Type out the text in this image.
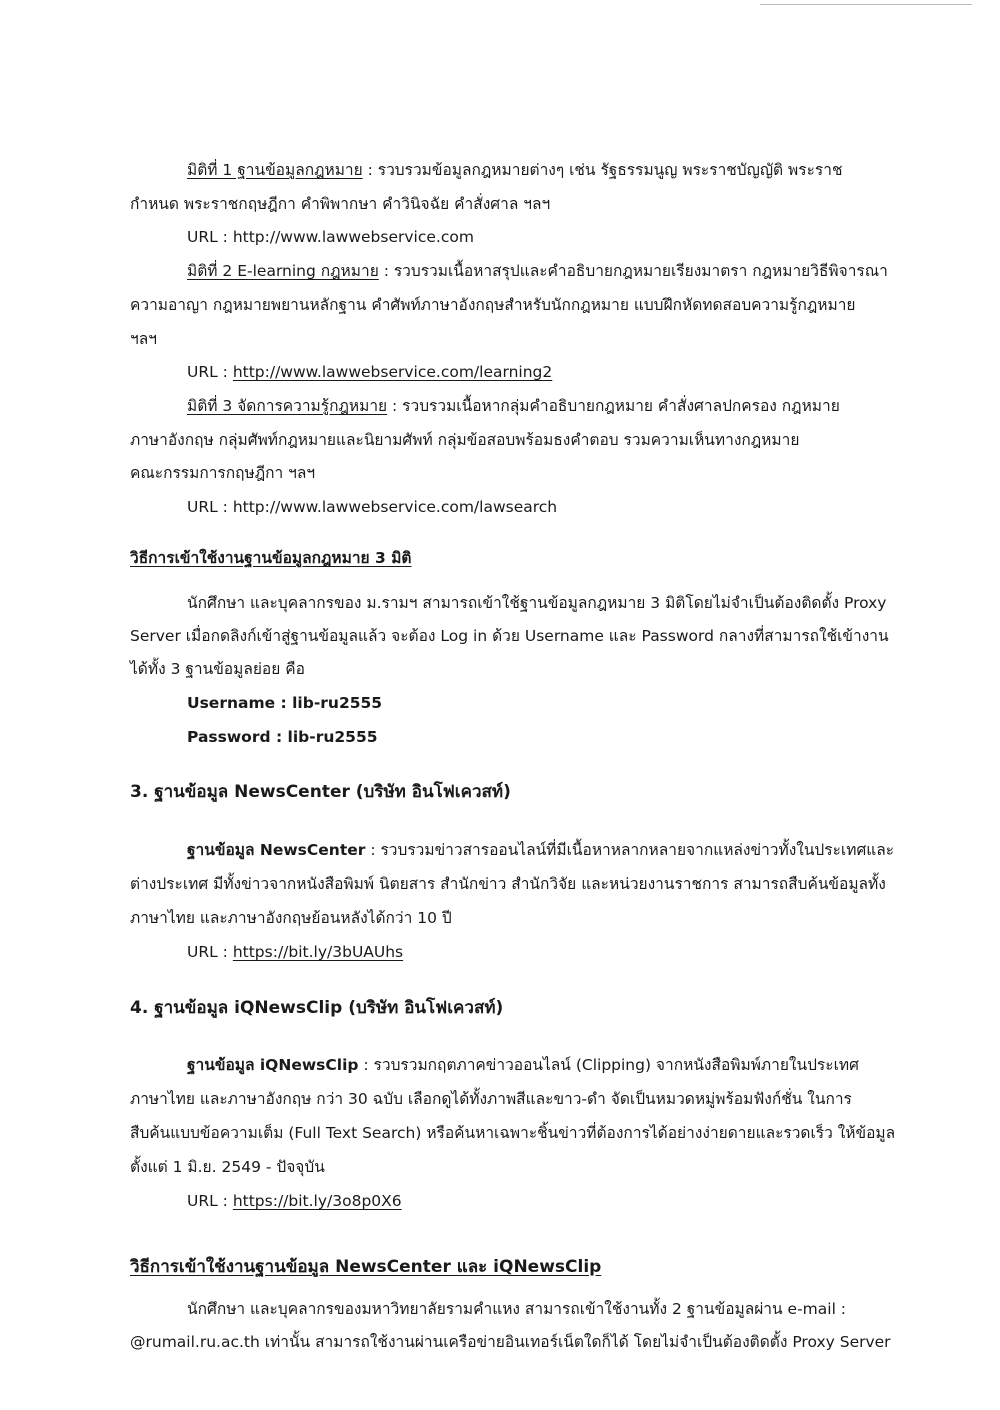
มิติที่ 1 ฐานข้อมูลกฎหมาย : รวบรวมข้อมูลกฎหมายต่างๆ เช่น รัฐธรรมนูญ พระราชบัญญัติ พระราช
กำหนด พระราชกฤษฎีกา คำพิพากษา คำวินิจฉัย คำสั่งศาล ฯลฯ
URL : http://www.lawwebservice.com
มิติที่ 2 E-learning กฎหมาย : รวบรวมเนื้อหาสรุปและคำอธิบายกฎหมายเรียงมาตรา กฎหมายวิธีพิจารณา
ความอาญา กฎหมายพยานหลักฐาน คำศัพท์ภาษาอังกฤษสำหรับนักกฎหมาย แบบฝึกหัดทดสอบความรู้กฎหมาย
ฯลฯ
URL : http://www.lawwebservice.com/learning2
มิติที่ 3 จัดการความรู้กฎหมาย : รวบรวมเนื้อหากลุ่มคำอธิบายกฎหมาย คำสั่งศาลปกครอง กฎหมาย
ภาษาอังกฤษ กลุ่มศัพท์กฎหมายและนิยามศัพท์ กลุ่มข้อสอบพร้อมธงคำตอบ รวมความเห็นทางกฎหมาย
คณะกรรมการกฤษฎีกา ฯลฯ
URL : http://www.lawwebservice.com/lawsearch
วิธีการเข้าใช้งานฐานข้อมูลกฎหมาย 3 มิติ
นักศึกษา และบุคลากรของ ม.รามฯ สามารถเข้าใช้ฐานข้อมูลกฎหมาย 3 มิติโดยไม่จำเป็นต้องติดตั้ง Proxy
Server เมื่อกดลิงก์เข้าสู่ฐานข้อมูลแล้ว จะต้อง Log in ด้วย Username และ Password กลางที่สามารถใช้เข้างาน
ได้ทั้ง 3 ฐานข้อมูลย่อย คือ
Username : lib-ru2555
Password : lib-ru2555
3. ฐานข้อมูล NewsCenter (บริษัท อินโฟเควสท์)
ฐานข้อมูล NewsCenter : รวบรวมข่าวสารออนไลน์ที่มีเนื้อหาหลากหลายจากแหล่งข่าวทั้งในประเทศและ
ต่างประเทศ มีทั้งข่าวจากหนังสือพิมพ์ นิตยสาร สำนักข่าว สำนักวิจัย และหน่วยงานราชการ สามารถสืบค้นข้อมูลทั้ง
ภาษาไทย และภาษาอังกฤษย้อนหลังได้กว่า 10 ปี
URL : https://bit.ly/3bUAUhs
4. ฐานข้อมูล iQNewsClip (บริษัท อินโฟเควสท์)
ฐานข้อมูล iQNewsClip : รวบรวมกฤตภาคข่าวออนไลน์ (Clipping) จากหนังสือพิมพ์ภายในประเทศ
ภาษาไทย และภาษาอังกฤษ กว่า 30 ฉบับ เลือกดูได้ทั้งภาพสีและขาว-ดำ จัดเป็นหมวดหมู่พร้อมฟังก์ชั่น ในการ
สืบค้นแบบข้อความเต็ม (Full Text Search) หรือค้นหาเฉพาะชิ้นข่าวที่ต้องการได้อย่างง่ายดายและรวดเร็ว ให้ข้อมูล
ตั้งแต่ 1 มิ.ย. 2549 - ปัจจุบัน
URL : https://bit.ly/3o8p0X6
วิธีการเข้าใช้งานฐานข้อมูล NewsCenter และ iQNewsClip
นักศึกษา และบุคลากรของมหาวิทยาลัยรามคำแหง สามารถเข้าใช้งานทั้ง 2 ฐานข้อมูลผ่าน e-mail :
@rumail.ru.ac.th เท่านั้น สามารถใช้งานผ่านเครือข่ายอินเทอร์เน็ตใดก็ได้ โดยไม่จำเป็นต้องติดตั้ง Proxy Server
